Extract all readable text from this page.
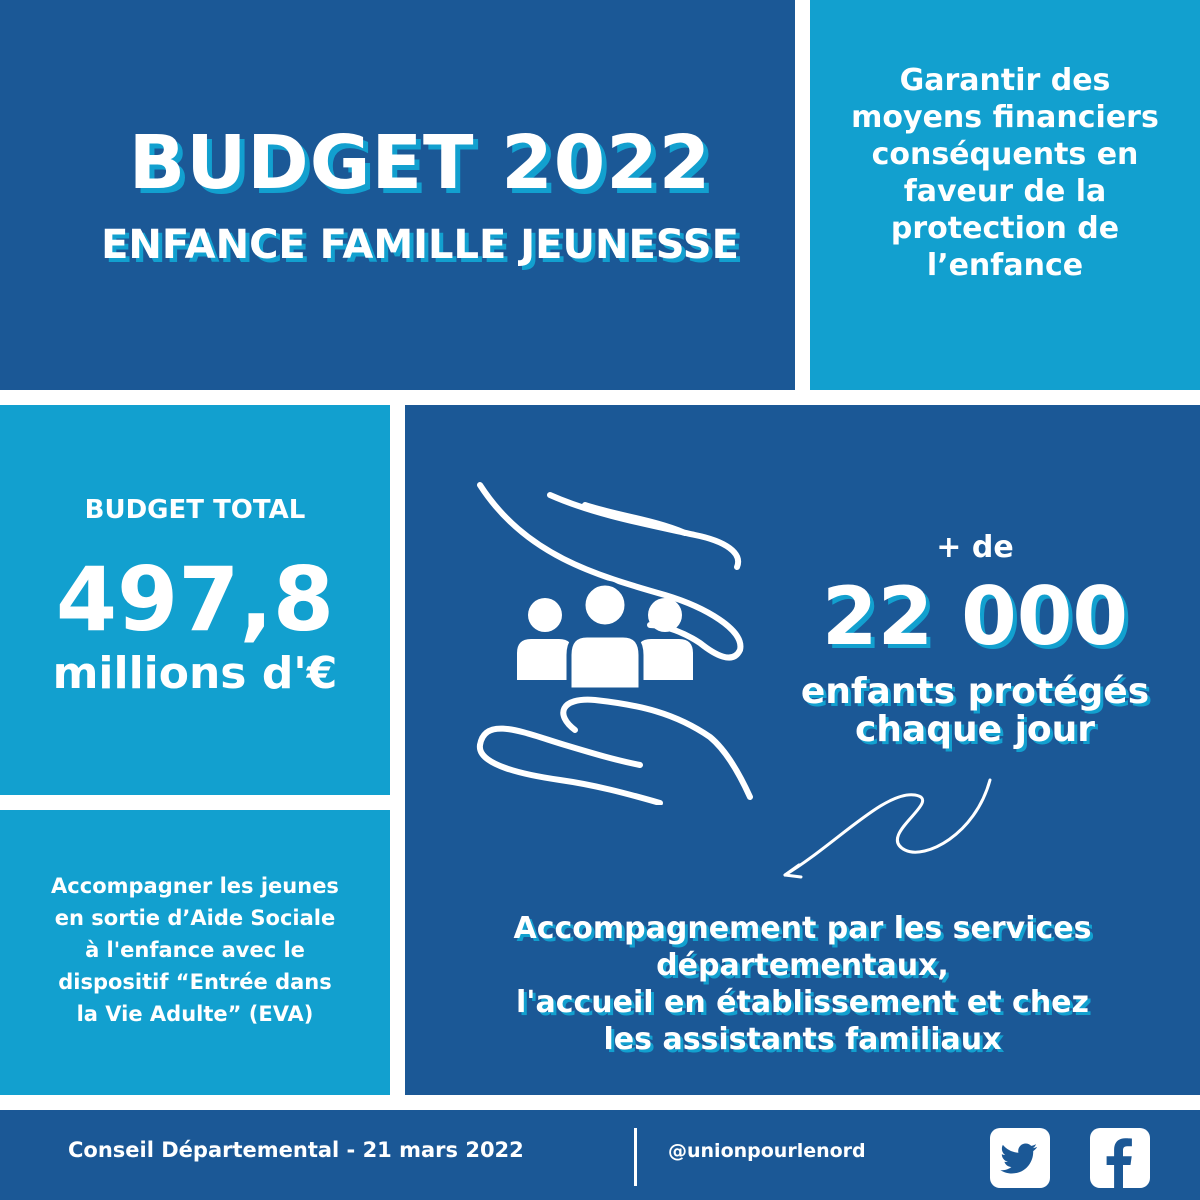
BUDGET 2022
ENFANCE FAMILLE JEUNESSE
Garantir des
moyens financiers
conséquents en
faveur de la
protection de
l’enfance
BUDGET TOTAL
497,8
millions d'€
Accompagner les jeunes
en sortie d’Aide Sociale
à l'enfance avec le
dispositif “Entrée dans
la Vie Adulte” (EVA)
+ de
22 000
enfants protégés
chaque jour
Accompagnement par les services
départementaux,
l'accueil en établissement et chez
les assistants familiaux
Conseil Départemental - 21 mars 2022	@unionpourlenord
